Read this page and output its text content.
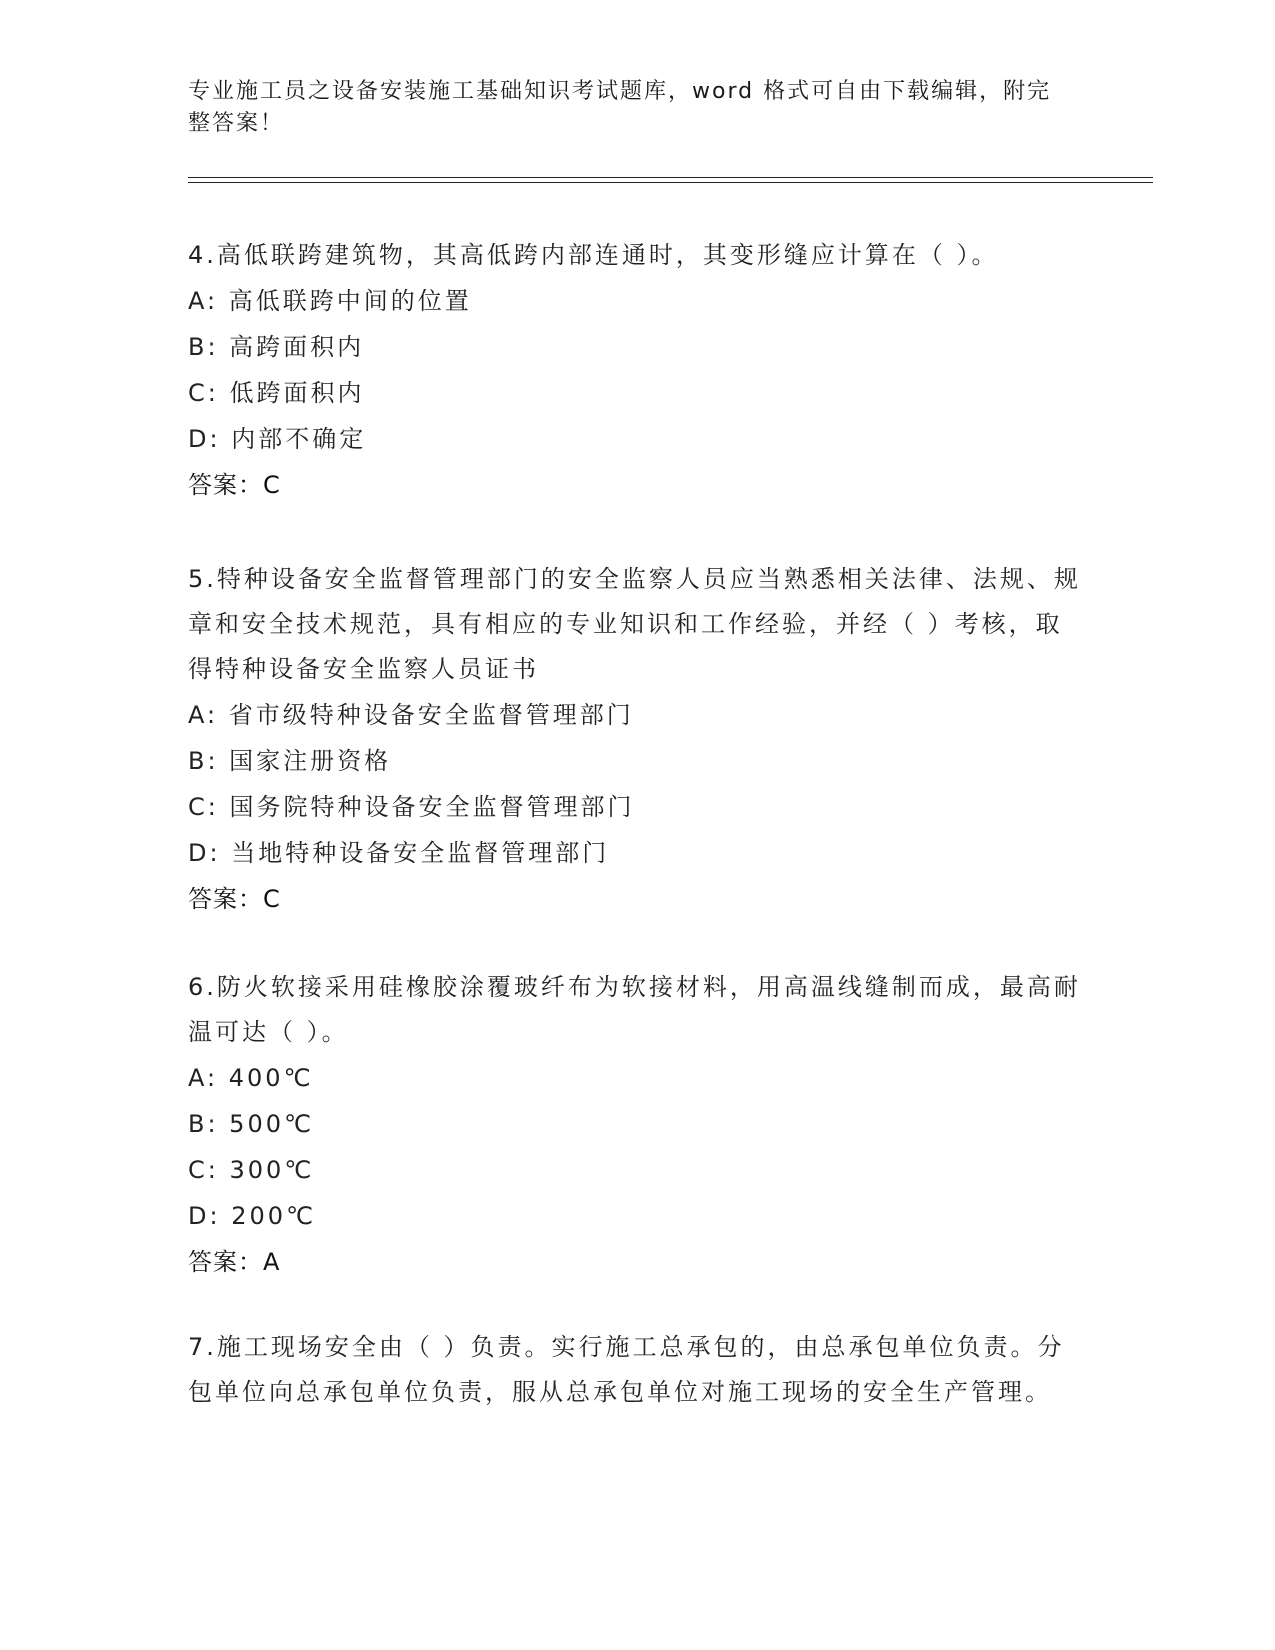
专业施工员之设备安装施工基础知识考试题库，word 格式可自由下载编辑，附完整答案！

4.高低联跨建筑物，其高低跨内部连通时，其变形缝应计算在（ ）。

A: 高低联跨中间的位置

B: 高跨面积内

C: 低跨面积内

D: 内部不确定

答案：C

5.特种设备安全监督管理部门的安全监察人员应当熟悉相关法律、法规、规章和安全技术规范，具有相应的专业知识和工作经验，并经（ ）考核，取得特种设备安全监察人员证书

A: 省市级特种设备安全监督管理部门

B: 国家注册资格

C: 国务院特种设备安全监督管理部门

D: 当地特种设备安全监督管理部门

答案：C

6.防火软接采用硅橡胶涂覆玻纤布为软接材料，用高温线缝制而成，最高耐温可达（ ）。

A: 400℃

B: 500℃

C: 300℃

D: 200℃

答案：A

7.施工现场安全由（ ）负责。实行施工总承包的，由总承包单位负责。分包单位向总承包单位负责，服从总承包单位对施工现场的安全生产管理。
